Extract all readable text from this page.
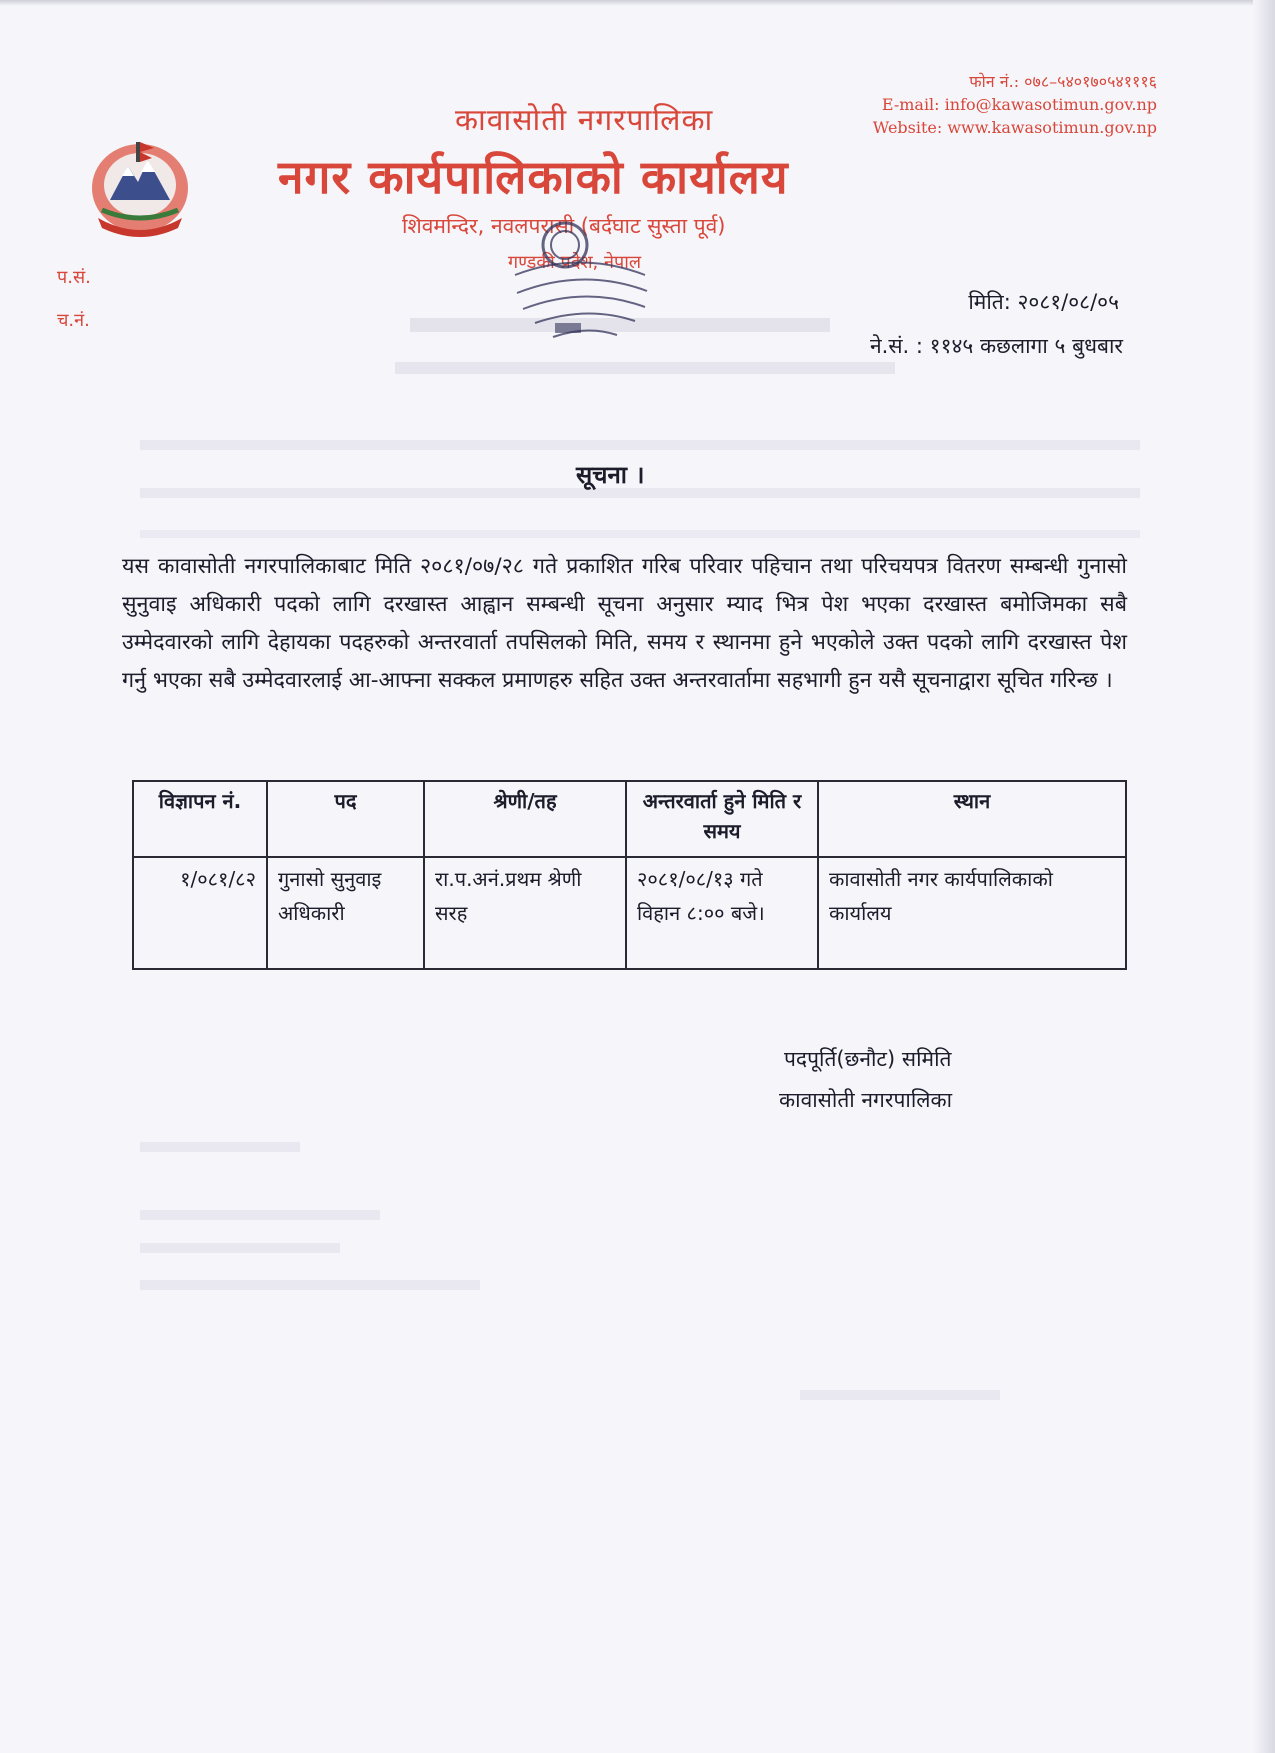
फोन नं.: ०७८–५४०१७०५४१११६
E-mail: info@kawasotimun.gov.np
Website: www.kawasotimun.gov.np
कावासोती नगरपालिका
नगर कार्यपालिकाको कार्यालय
शिवमन्दिर, नवलपरासी (बर्दघाट सुस्ता पूर्व)
गण्डकी प्रदेश, नेपाल
प.सं.
च.नं.
मिति: २०८१/०८/०५
ने.सं. : ११४५ कछलागा ५ बुधबार
सूचना ।
यस कावासोती नगरपालिकाबाट मिति २०८१/०७/२८ गते प्रकाशित गरिब परिवार पहिचान तथा परिचयपत्र वितरण सम्बन्धी गुनासो सुनुवाइ अधिकारी पदको लागि दरखास्त आह्वान सम्बन्धी सूचना अनुसार म्याद भित्र पेश भएका दरखास्त बमोजिमका सबै उम्मेदवारको लागि देहायका पदहरुको अन्तरवार्ता तपसिलको मिति, समय र स्थानमा हुने भएकोले उक्त पदको लागि दरखास्त पेश गर्नु भएका सबै उम्मेदवारलाई आ-आफ्ना सक्कल प्रमाणहरु सहित उक्त अन्तरवार्तामा सहभागी हुन यसै सूचनाद्वारा सूचित गरिन्छ ।
विज्ञापन नं.	पद	श्रेणी/तह	अन्तरवार्ता हुने मिति र समय	स्थान
१/०८१/८२	गुनासो सुनुवाइ अधिकारी	रा.प.अनं.प्रथम श्रेणी सरह	२०८१/०८/१३ गते विहान ८:०० बजे।	कावासोती नगर कार्यपालिकाको कार्यालय
पदपूर्ति(छनौट) समिति
कावासोती नगरपालिका
